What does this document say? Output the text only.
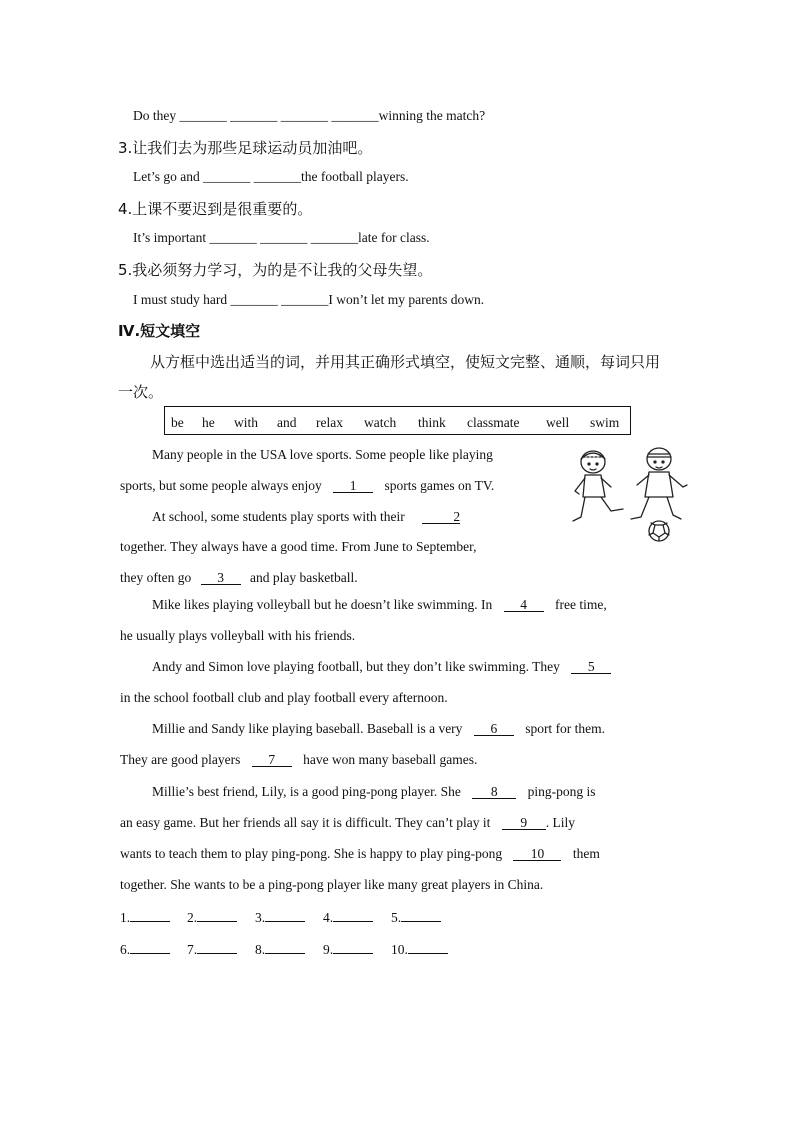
Do they _______ _______ _______ _______winning the match?
3.让我们去为那些足球运动员加油吧。
Let’s go and _______ _______the football players.
4.上课不要迟到是很重要的。
It’s important _______ _______ _______late for class.
5.我必须努力学习，为的是不让我的父母失望。
I must study hard _______ _______I won’t let my parents down.
Ⅳ.短文填空
从方框中选出适当的词，并用其正确形式填空，使短文完整、通顺，每词只用
一次。
be he with and relax watch think classmate well swim
Many people in the USA love sports. Some people like playing
sports, but some people always enjoy 1 sports games on TV.
At school, some students play sports with their	2
together. They always have a good time. From June to September,
they often go 3 and play basketball.
Mike likes playing volleyball but he doesn’t like swimming. In 4 free time,
he usually plays volleyball with his friends.
Andy and Simon love playing football, but they don’t like swimming. They 5
in the school football club and play football every afternoon.
Millie and Sandy like playing baseball. Baseball is a very 6 sport for them.
They are good players 7 have won many baseball games.
Millie’s best friend, Lily, is a good ping-pong player. She 8 ping-pong is
an easy game. But her friends all say it is difficult. They can’t play it 9 . Lily
wants to teach them to play ping-pong. She is happy to play ping-pong 10 them
together. She wants to be a ping-pong player like many great players in China.
1.	2.	3.	4.	5.
6.	7.	8.	9.	10.
